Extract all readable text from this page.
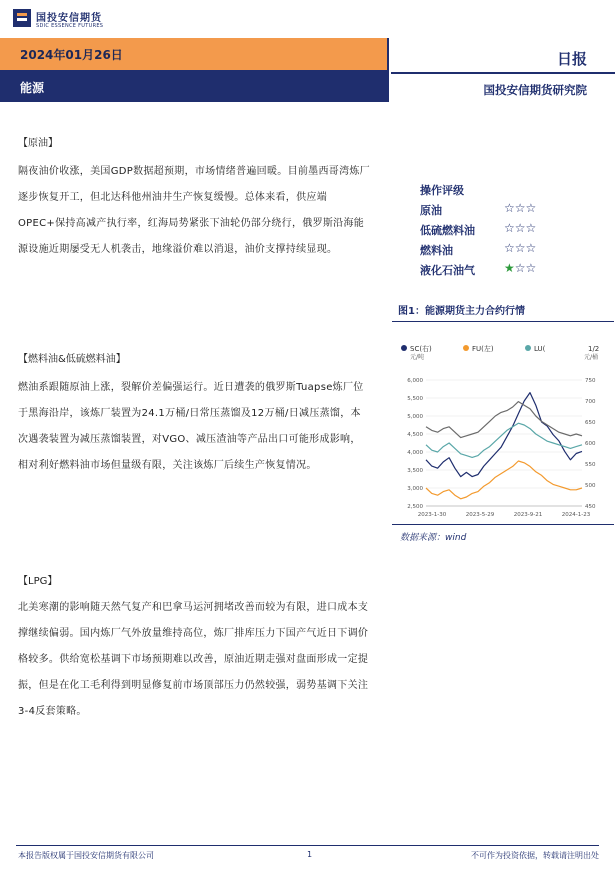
国投安信期货
SDIC ESSENCE FUTURES
2024年01月26日
能源
日报
国投安信期货研究院
【原油】

隔夜油价收涨，美国GDP数据超预期，市场情绪普遍回暖。目前墨西哥湾炼厂逐步恢复开工，但北达科他州油井生产恢复缓慢。总体来看，供应端OPEC+保持高减产执行率，红海局势紧张下油轮仍部分绕行，俄罗斯沿海能源设施近期屡受无人机袭击，地缘溢价难以消退，油价支撑持续显现。

【燃料油&低硫燃料油】

燃油系跟随原油上涨，裂解价差偏强运行。近日遭袭的俄罗斯Tuapse炼厂位于黑海沿岸，该炼厂装置为24.1万桶/日常压蒸馏及12万桶/日减压蒸馏，本次遇袭装置为减压蒸馏装置，对VGO、减压渣油等产品出口可能形成影响，相对利好燃料油市场但量级有限，关注该炼厂后续生产恢复情况。

【LPG】

北美寒潮的影响随天然气复产和巴拿马运河拥堵改善而较为有限，进口成本支撑继续偏弱。国内炼厂气外放量维持高位，炼厂排库压力下国产气近日下调价格较多。供给宽松基调下市场预期难以改善，原油近期走强对盘面形成一定提振，但是在化工毛利得到明显修复前市场顶部压力仍然较强，弱势基调下关注3-4反套策略。

操作评级
原油	☆☆☆
低硫燃料油 ☆☆☆
燃料油	☆☆☆
液化石油气 ★☆☆
图1：能源期货主力合约行情
SC(右)	FU(左)	LU(	1/2
元/吨	元/桶
6,000
5,500
5,000
4,500
4,000
3,500
3,000
2,500
750
700
650
600
550
500
450
2023-1-30	2023-5-29	2023-9-21	2024-1-23
数据来源：wind
本报告版权属于国投安信期货有限公司	1	不可作为投资依据，转载请注明出处
